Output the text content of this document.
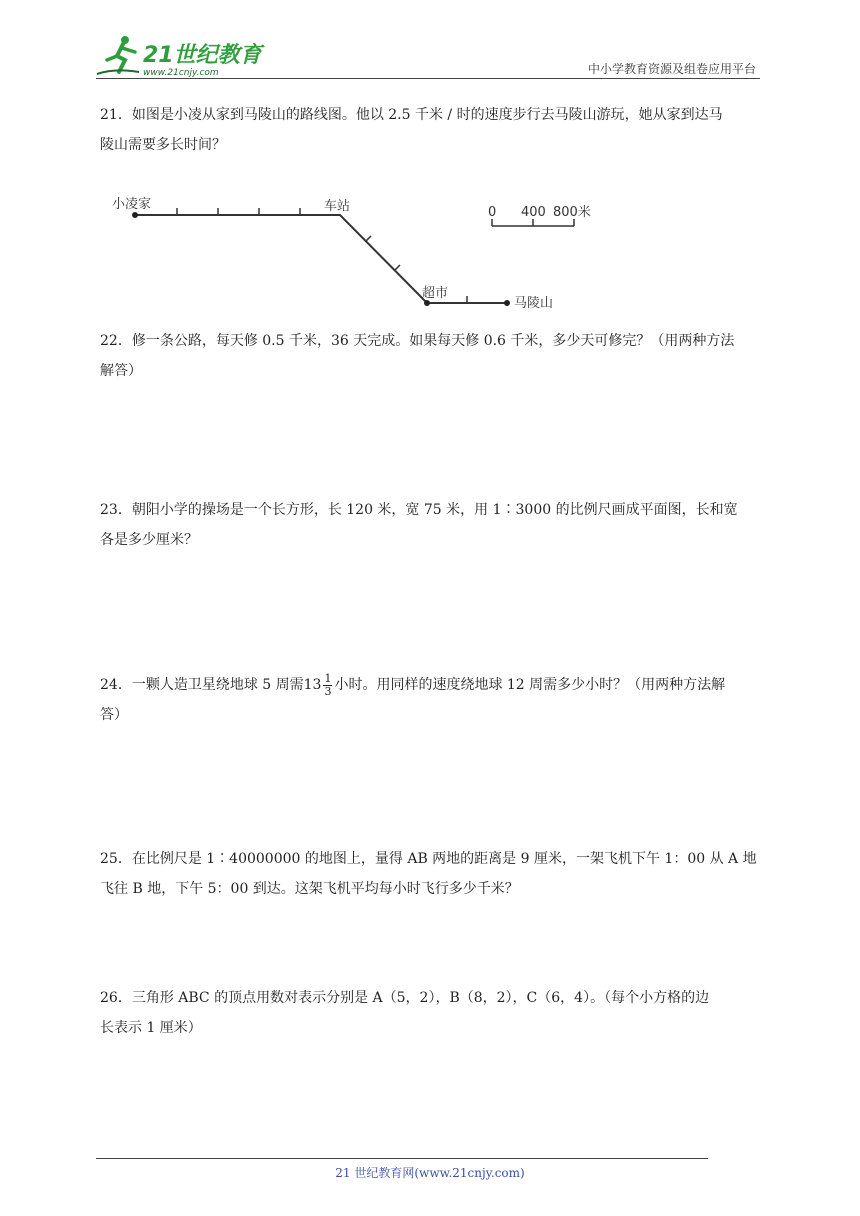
21世纪教育
www.21cnjy.com	中小学教育资源及组卷应用平台

21．如图是小凌从家到马陵山的路线图。他以 2.5 千米 / 时的速度步行去马陵山游玩，她从家到达马

陵山需要多长时间？

小凌家	车站
超市
马陵山
0 400 800米

22．修一条公路，每天修 0.5 千米，36 天完成。如果每天修 0.6 千米，多少天可修完？（用两种方法

解答）

23．朝阳小学的操场是一个长方形，长 120 米，宽 75 米，用 1∶3000 的比例尺画成平面图，长和宽

各是多少厘米？

24．一颗人造卫星绕地球 5 周需$13 \frac{1}{3}$ 小时。用同样的速度绕地球 12 周需多少小时？（用两种方法解

答）

25．在比例尺是 1∶40000000 的地图上，量得 AB 两地的距离是 9 厘米，一架飞机下午 1：00 从 A 地

飞往 B 地，下午 5：00 到达。这架飞机平均每小时飞行多少千米？

26．三角形 ABC 的顶点用数对表示分别是 A（5，2），B（8，2），C（6，4）。（每个小方格的边

长表示 1 厘米）

21 世纪教育网(www.21cnjy.com)
